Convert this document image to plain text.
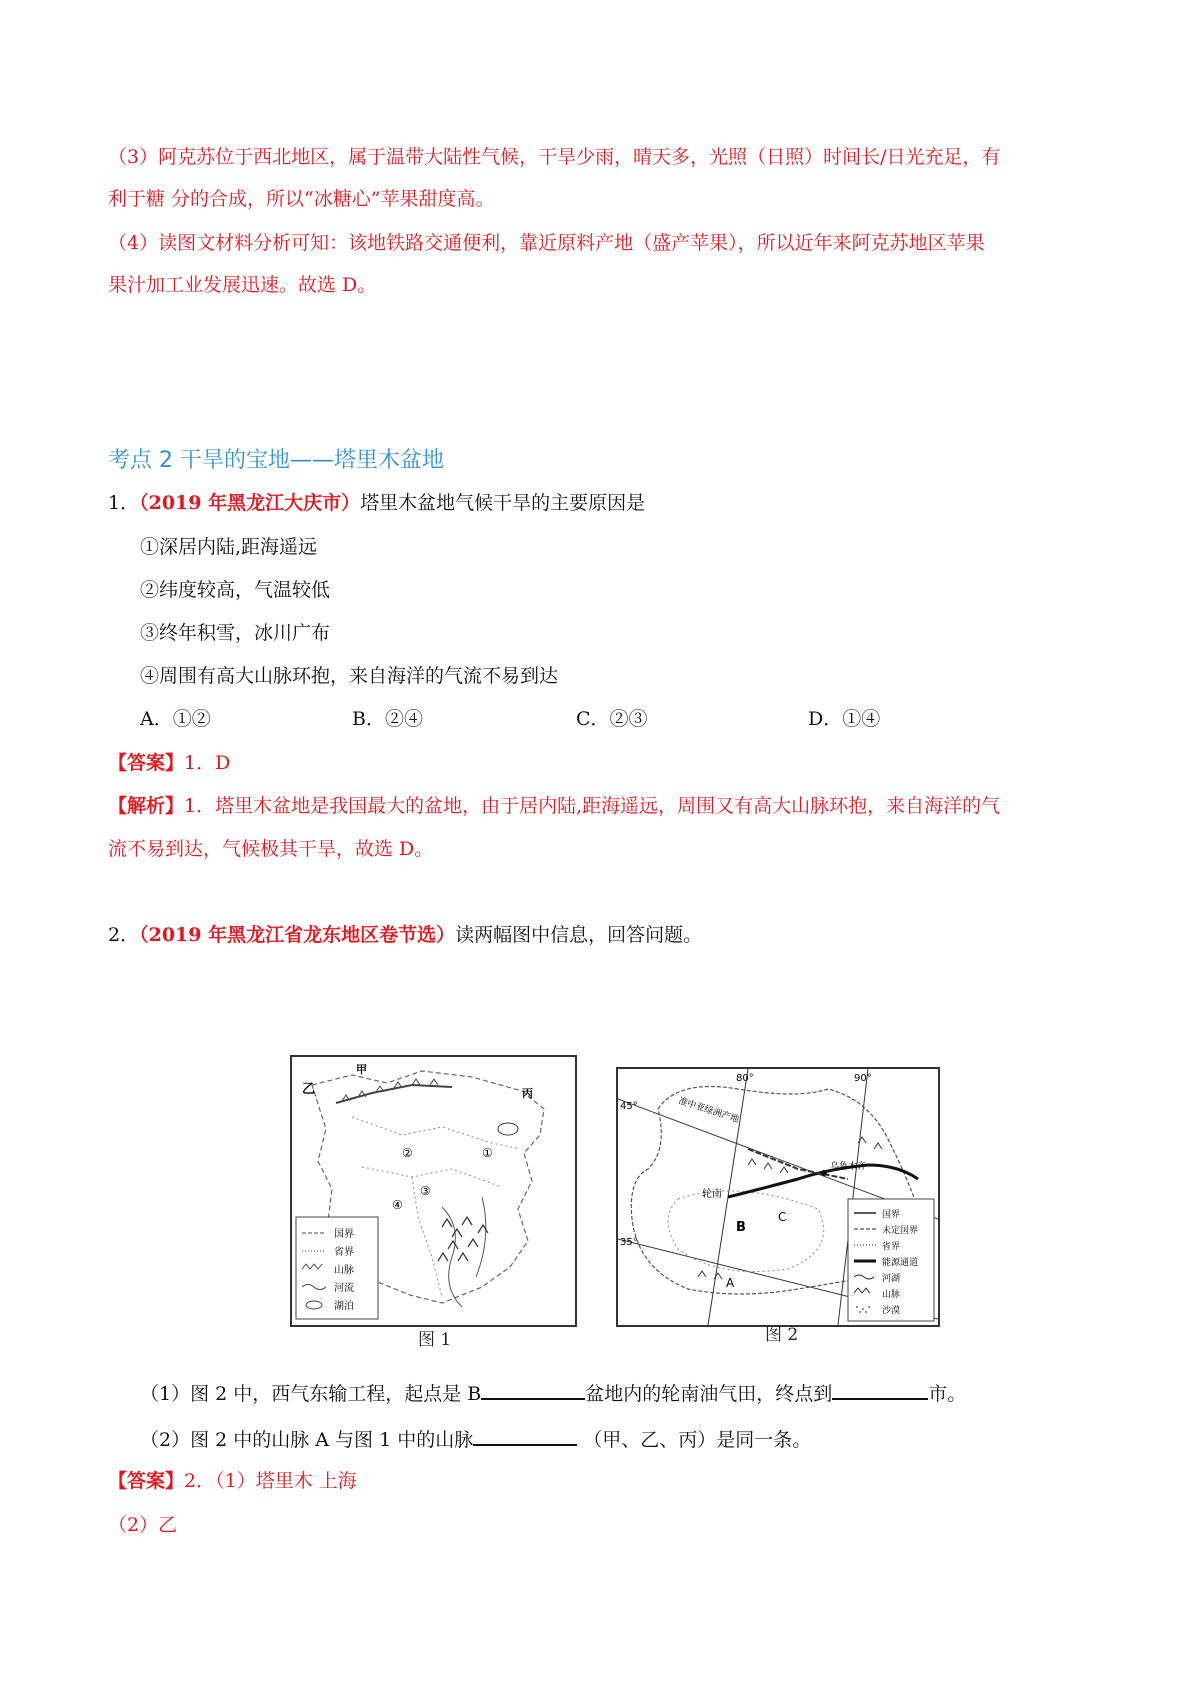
（3）阿克苏位于西北地区，属于温带大陆性气候，干旱少雨，晴天多，光照（日照）时间长/日光充足，有
利于糖 分的合成，所以“冰糖心”苹果甜度高。
（4）读图文材料分析可知：该地铁路交通便利，靠近原料产地（盛产苹果），所以近年来阿克苏地区苹果
果汁加工业发展迅速。故选 D。
考点 2 干旱的宝地——塔里木盆地
1．（2019 年黑龙江大庆市）塔里木盆地气候干旱的主要原因是
①深居内陆,距海遥远
②纬度较高，气温较低
③终年积雪，冰川广布
④周围有高大山脉环抱，来自海洋的气流不易到达
A．①②	B．②④	C．②③	D．①④
【答案】1．D
【解析】1．塔里木盆地是我国最大的盆地，由于居内陆,距海遥远，周围又有高大山脉环抱，来自海洋的气
流不易到达，气候极其干旱，故选 D。
2．（2019 年黑龙江省龙东地区卷节选）读两幅图中信息，回答问题。
乙
甲
丙
①
②
③
④
国界
省界
山脉
河流
湖泊
图 1
80°	90°
45°
35°
准中亚绿洲产地
乌鲁木齐
轮南
B
C
A
国界
未定国界
省界
能源通道
河湖
山脉
沙漠
图 2
（1）图 2 中，西气东输工程，起点是 B	盆地内的轮南油气田，终点到	市。
（2）图 2 中的山脉 A 与图 1 中的山脉	（甲、乙、丙）是同一条。
【答案】2．（1）塔里木 上海
（2）乙
